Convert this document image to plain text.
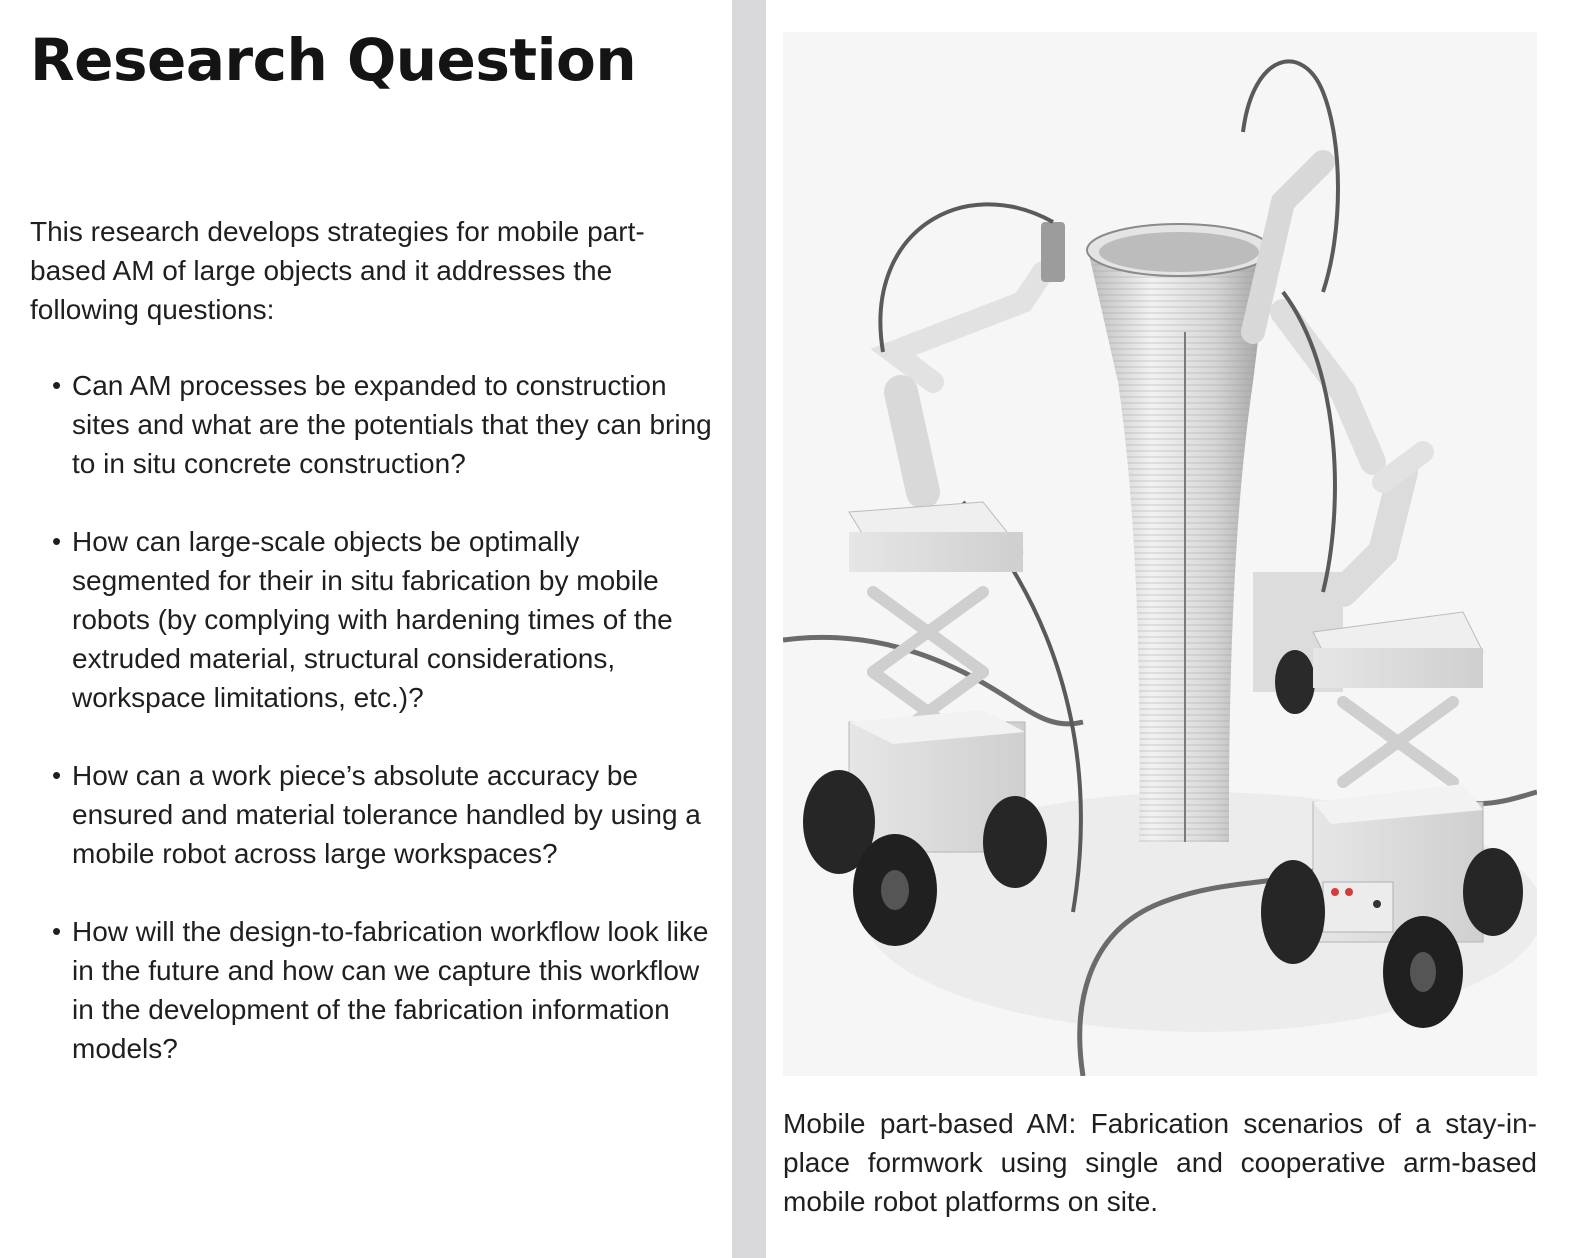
Research Question

This research develops strategies for mobile part-based AM of large objects and it addresses the following questions:

• Can AM processes be expanded to construction sites and what are the potentials that they can bring to in situ concrete construction?
• How can large-scale objects be optimally segmented for their in situ fabrication by mobile robots (by complying with hardening times of the extruded material, structural considerations, workspace limitations, etc.)?
• How can a work piece’s absolute accuracy be ensured and material tolerance handled by using a mobile robot across large workspaces?
• How will the design-to-fabrication workflow look like in the future and how can we capture this workflow in the development of the fabrication information models?

Mobile part-based AM: Fabrication scenarios of a stay-in-place formwork using single and cooperative arm-based mobile robot platforms on site.
